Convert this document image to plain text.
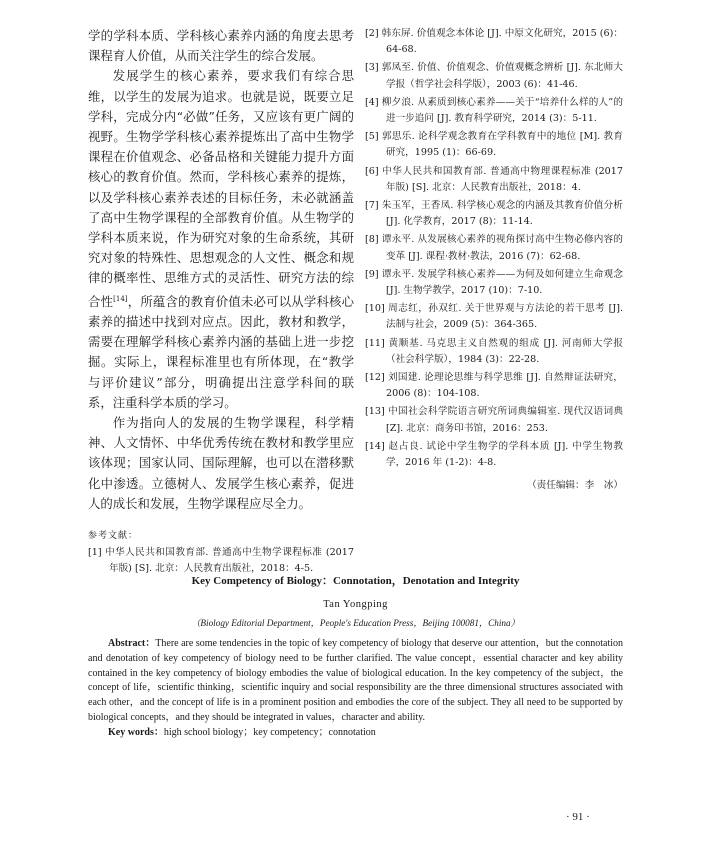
学的学科本质、学科核心素养内涵的角度去思考课程育人价值，从而关注学生的综合发展。

发展学生的核心素养，要求我们有综合思维，以学生的发展为追求。也就是说，既要立足学科，完成分内“必做”任务，又应该有更广阔的视野。生物学学科核心素养提炼出了高中生物学课程在价值观念、必备品格和关键能力提升方面核心的教育价值。然而，学科核心素养的提炼，以及学科核心素养表述的目标任务，未必就涵盖了高中生物学课程的全部教育价值。从生物学的学科本质来说，作为研究对象的生命系统，其研究对象的特殊性、思想观念的人文性、概念和规律的概率性、思维方式的灵活性、研究方法的综合性[14]，所蕴含的教育价值未必可以从学科核心素养的描述中找到对应点。因此，教材和教学，需要在理解学科核心素养内涵的基础上进一步挖掘。实际上，课程标准里也有所体现，在“教学与评价建议”部分，明确提出注意学科间的联系，注重科学本质的学习。

作为指向人的发展的生物学课程，科学精神、人文情怀、中华优秀传统在教材和教学里应该体现；国家认同、国际理解，也可以在潜移默化中渗透。立德树人、发展学生核心素养，促进人的成长和发展，生物学课程应尽全力。

参考文献：

[1] 中华人民共和国教育部. 普通高中生物学课程标准 (2017 年版) [S]. 北京：人民教育出版社，2018：4-5.

[2] 韩东屏. 价值观念本体论 [J]. 中原文化研究，2015 (6)：64-68.

[3] 郭凤至. 价值、价值观念、价值观概念辨析 [J]. 东北师大学报（哲学社会科学版），2003 (6)：41-46.

[4] 柳夕浪. 从素质到核心素养——关于“培养什么样的人”的进一步追问 [J]. 教育科学研究，2014 (3)：5-11.

[5] 郭思乐. 论科学观念教育在学科教育中的地位 [M]. 教育研究，1995 (1)：66-69.

[6] 中华人民共和国教育部. 普通高中物理课程标准 (2017 年版) [S]. 北京：人民教育出版社，2018：4.

[7] 朱玉军，王香凤. 科学核心观念的内涵及其教育价值分析 [J]. 化学教育，2017 (8)：11-14.

[8] 谭永平. 从发展核心素养的视角探讨高中生物必修内容的变革 [J]. 课程·教材·教法，2016 (7)：62-68.

[9] 谭永平. 发展学科核心素养——为何及如何建立生命观念 [J]. 生物学教学，2017 (10)：7-10.

[10] 周志红，孙双红. 关于世界观与方法论的若干思考 [J]. 法制与社会，2009 (5)：364-365.

[11] 黄顺基. 马克思主义自然观的组成 [J]. 河南师大学报（社会科学版），1984 (3)：22-28.

[12] 刘国建. 论理论思维与科学思维 [J]. 自然辩证法研究，2006 (8)：104-108.

[13] 中国社会科学院语言研究所词典编辑室. 现代汉语词典 [Z]. 北京：商务印书馆，2016：253.

[14] 赵占良. 试论中学生物学的学科本质 [J]. 中学生物教学，2016 年 (1-2)：4-8.

（责任编辑：李　冰）

Key Competency of Biology：Connotation，Denotation and Integrity

Tan Yongping

（Biology Editorial Department，People's Education Press，Beijing 100081，China）

Abstract：There are some tendencies in the topic of key competency of biology that deserve our attention，but the connotation and denotation of key competency of biology need to be further clarified. The value concept，essential character and key ability contained in the key competency of biology embodies the value of biological education. In the key competency of the subject，the concept of life，scientific thinking，scientific inquiry and social responsibility are the three dimensional structures associated with each other，and the concept of life is in a prominent position and embodies the core of the subject. They all need to be supported by biological concepts，and they should be integrated in values，character and ability.

Key words：high school biology；key competency；connotation

· 91 ·
